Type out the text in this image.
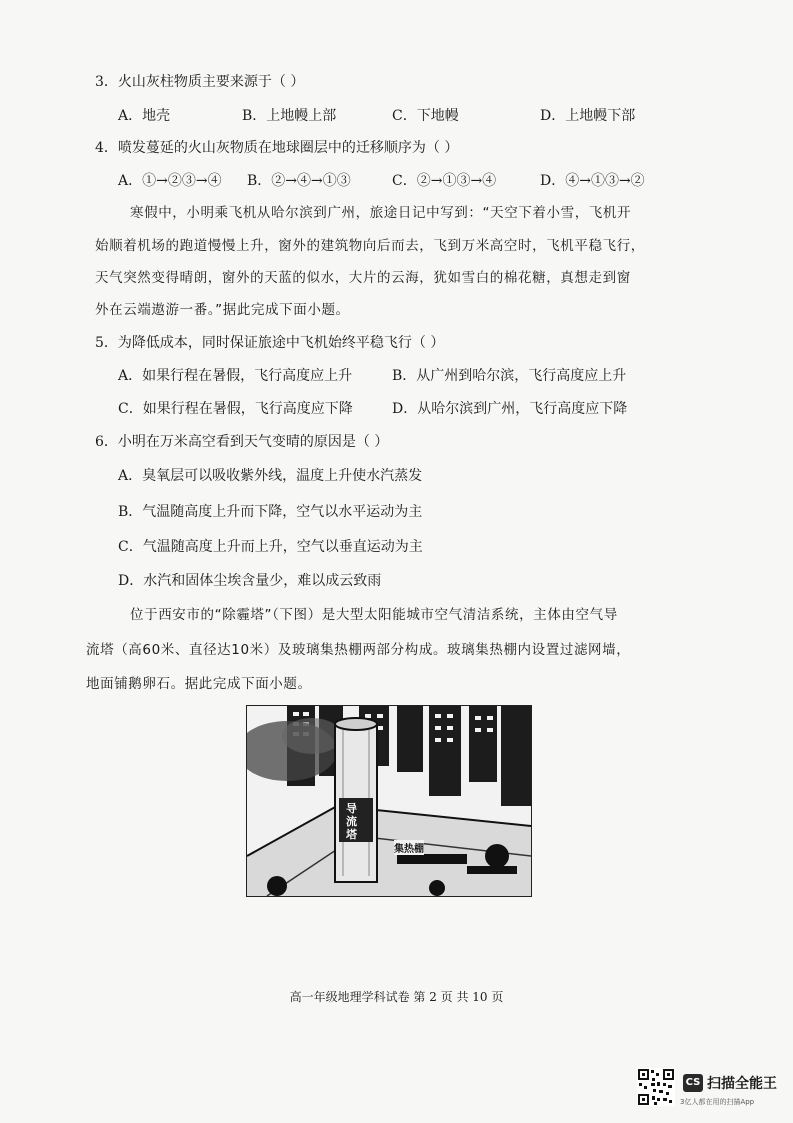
3．火山灰柱物质主要来源于（ ）
A．地壳	B．上地幔上部	C．下地幔	D．上地幔下部
4．喷发蔓延的火山灰物质在地球圈层中的迁移顺序为（ ）
A．①→②③→④ B．②→④→①③	C．②→①③→④	D．④→①③→②
寒假中，小明乘飞机从哈尔滨到广州，旅途日记中写到：“天空下着小雪，飞机开
始顺着机场的跑道慢慢上升，窗外的建筑物向后而去，飞到万米高空时，飞机平稳飞行，
天气突然变得晴朗，窗外的天蓝的似水，大片的云海，犹如雪白的棉花糖，真想走到窗
外在云端遨游一番。”据此完成下面小题。
5．为降低成本，同时保证旅途中飞机始终平稳飞行（ ）
A．如果行程在暑假，飞行高度应上升	B．从广州到哈尔滨，飞行高度应上升
C．如果行程在暑假，飞行高度应下降	D．从哈尔滨到广州，飞行高度应下降
6．小明在万米高空看到天气变晴的原因是（ ）
A．臭氧层可以吸收紫外线，温度上升使水汽蒸发
B．气温随高度上升而下降，空气以水平运动为主
C．气温随高度上升而上升，空气以垂直运动为主
D．水汽和固体尘埃含量少，难以成云致雨
位于西安市的“除霾塔”（下图）是大型太阳能城市空气清洁系统，主体由空气导
流塔（高60米、直径达10米）及玻璃集热棚两部分构成。玻璃集热棚内设置过滤网墙，
地面铺鹅卵石。据此完成下面小题。
导流塔
集热棚
高一年级地理学科试卷 第 2 页 共 10 页
CS 扫描全能王
3亿人都在用的扫描App
